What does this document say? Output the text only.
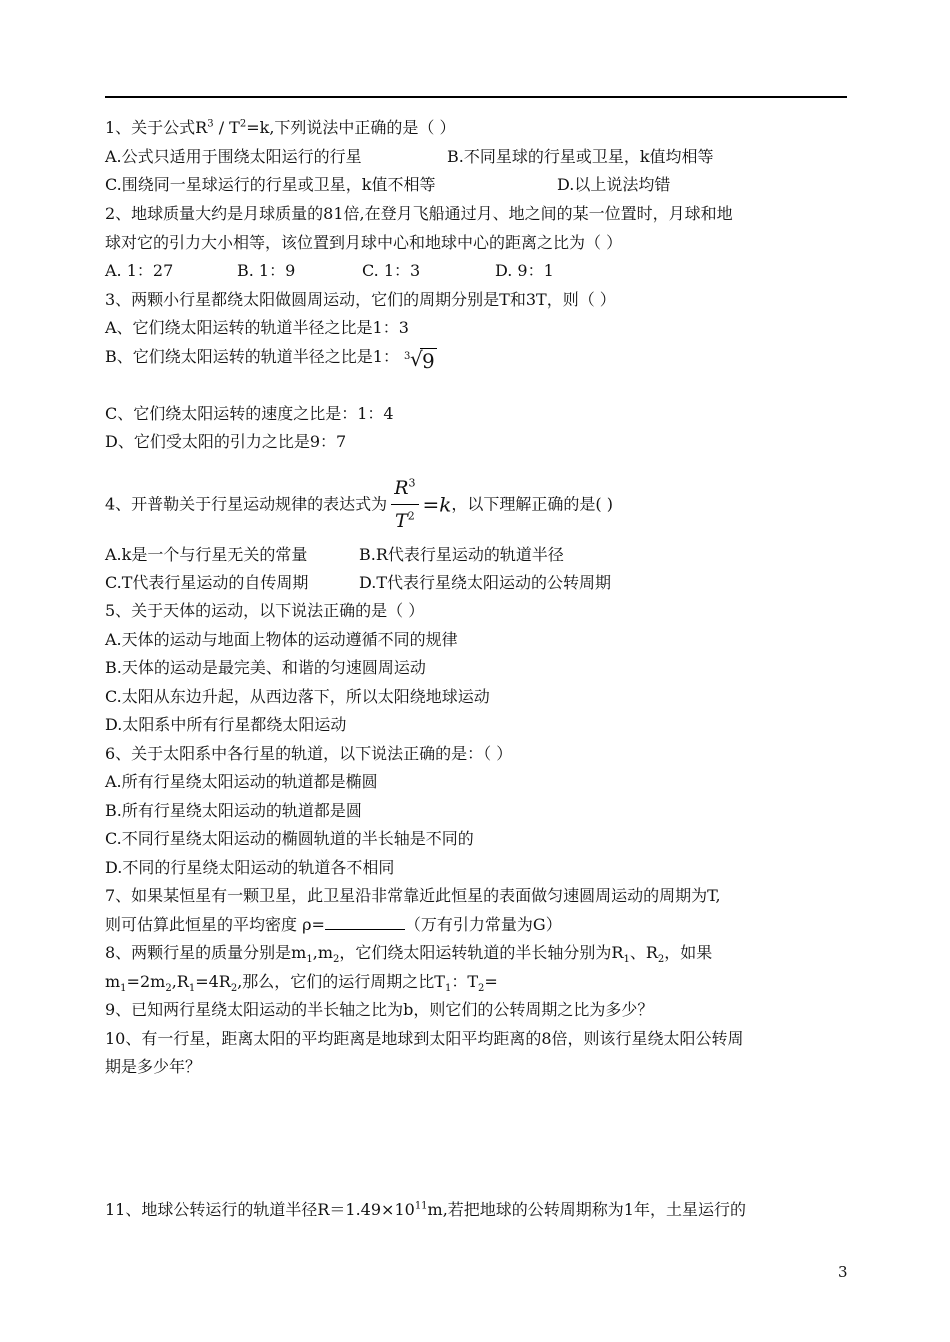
1、关于公式$R^3 / T^2=k$,下列说法中正确的是（ ）
A.公式只适用于围绕太阳运行的行星	B.不同星球的行星或卫星，k值均相等
C.围绕同一星球运行的行星或卫星，k值不相等	D.以上说法均错
2、地球质量大约是月球质量的81倍,在登月飞船通过月、地之间的某一位置时，月球和地
球对它的引力大小相等，该位置到月球中心和地球中心的距离之比为（ ）
A. 1：27	B. 1：9	C. 1：3	D. 9：1
3、两颗小行星都绕太阳做圆周运动，它们的周期分别是T和3T，则（ ）
A、它们绕太阳运转的轨道半径之比是1：3
B、它们绕太阳运转的轨道半径之比是1： 3 √ 9
C、它们绕太阳运转的速度之比是：1：4
D、它们受太阳的引力之比是9：7
4、开普勒关于行星运动规律的表达式为 $\frac{R^3}{T^2} =k$，以下理解正确的是( )
A.k是一个与行星无关的常量	B.R代表行星运动的轨道半径
C.T代表行星运动的自传周期	D.T代表行星绕太阳运动的公转周期
5、关于天体的运动，以下说法正确的是（ ）
A.天体的运动与地面上物体的运动遵循不同的规律
B.天体的运动是最完美、和谐的匀速圆周运动
C.太阳从东边升起，从西边落下，所以太阳绕地球运动
D.太阳系中所有行星都绕太阳运动
6、关于太阳系中各行星的轨道，以下说法正确的是：（ ）
A.所有行星绕太阳运动的轨道都是椭圆
B.所有行星绕太阳运动的轨道都是圆
C.不同行星绕太阳运动的椭圆轨道的半长轴是不同的
D.不同的行星绕太阳运动的轨道各不相同
7、如果某恒星有一颗卫星，此卫星沿非常靠近此恒星的表面做匀速圆周运动的周期为T,
则可估算此恒星的平均密度 ρ=	（万有引力常量为G）
8、两颗行星的质量分别是$m_1,m_2$，它们绕太阳运转轨道的半长轴分别为$R_1$、$R_2$，如果
$m_1=2m_2,R_1=4R_2$,那么，它们的运行周期之比$T_1$：$T_2=$
9、已知两行星绕太阳运动的半长轴之比为b，则它们的公转周期之比为多少？
10、有一行星，距离太阳的平均距离是地球到太阳平均距离的8倍，则该行星绕太阳公转周
期是多少年？
11、地球公转运行的轨道半径$R=1.49\times 10^{11}m$,若把地球的公转周期称为1年，土星运行的
3
